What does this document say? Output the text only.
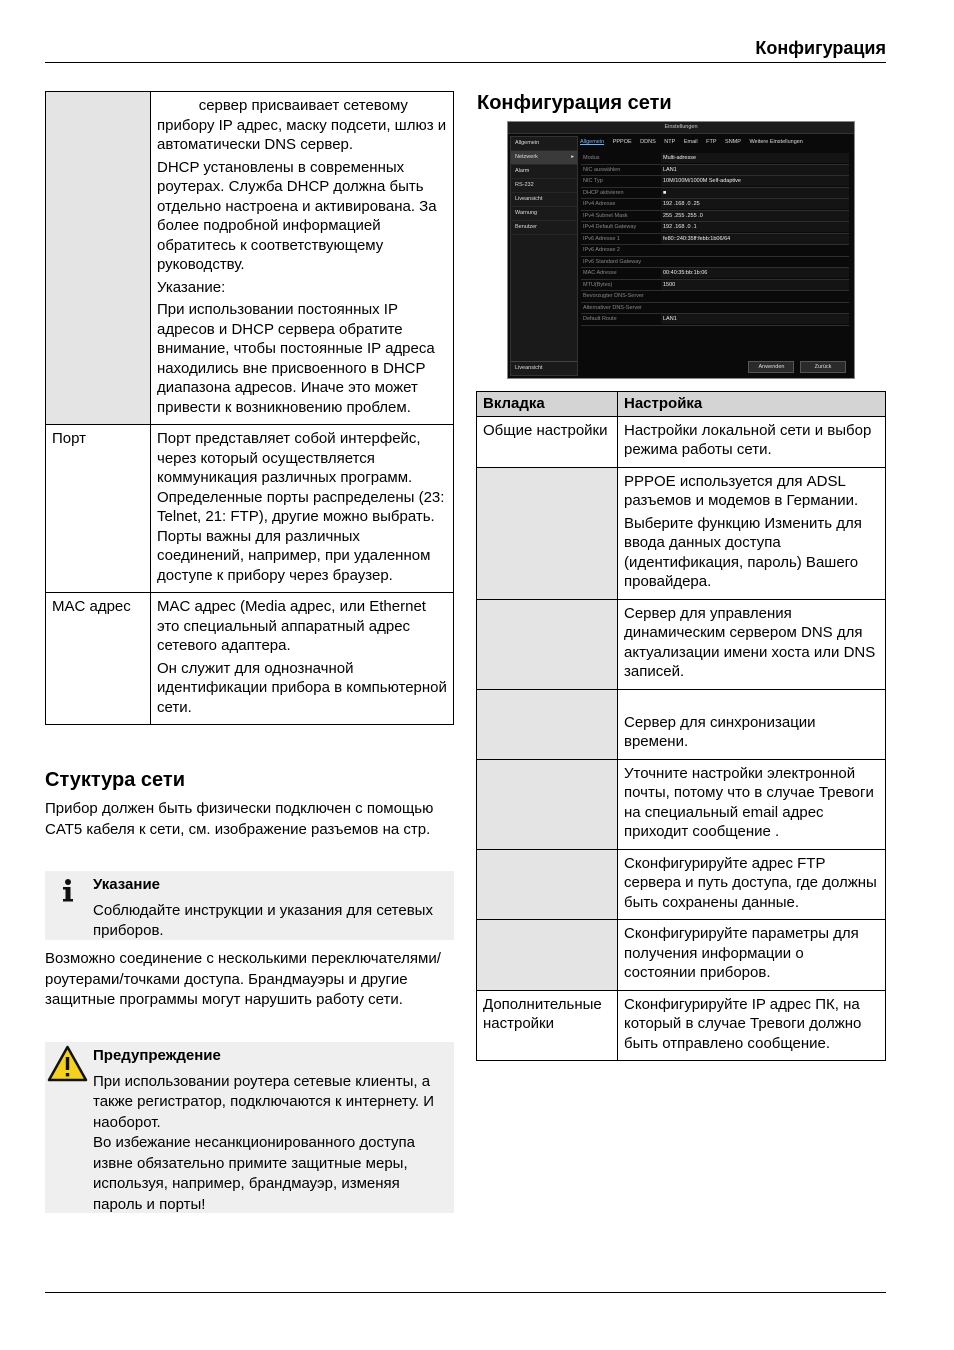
Конфигурация

	сервер присваивает сетевому прибору IP адрес, маску подсети, шлюз и автоматически DNS сервер.

DHCP установлены в современных роутерах. Служба DHCP должна быть отдельно настроена и активирована. За более подробной информацией обратитесь к соответствующему руководству.

Указание:

При использовании постоянных IP адресов и DHCP сервера обратите внимание, чтобы постоянные IP адреса находились вне присвоенного в DHCP диапазона адресов. Иначе это может привести к возникновению проблем.

Порт	Порт представляет собой интерфейс, через который осуществляется коммуникация различных программ. Определенные порты распределены (23: Telnet, 21: FTP), другие можно выбрать. Порты важны для различных соединений, например, при удаленном доступе к прибору через браузер.

MAC адрес	MAC адрес (Media адрес, или Ethernet          это специальный аппаратный адрес сетевого адаптера.

Он служит для однозначной идентификации прибора в компьютерной сети.

Стуктура сети
Прибор должен быть физически подключен с помощью CAT5 кабеля к сети, см. изображение разъемов на стр.
Указание
Соблюдайте инструкции и указания для сетевых приборов.
Возможно соединение с несколькими переключателями/роутерами/точками доступа. Брандмауэры и другие защитные программы могут нарушить работу сети.
Предупреждение
При использовании роутера сетевые клиенты, а также регистратор, подключаются к интернету. И наоборот.
Во избежание несанкционированного доступа извне обязательно примите защитные меры, используя, например, брандмауэр, изменяя пароль и порты!
Конфигурация сети
Einstellungen
Allgemein
Netzwerk	▸
Alarm
RS-232
Liveansicht
Warnung
Benutzer
Liveansicht
Allgemein PPPOE DDNS NTP Email FTP SNMP Weitere Einstellungen
Modus	Multi-adresse
NIC auswählen	LAN1
NIC Typ	10M/100M/1000M Self-adaptive
DHCP aktivieren	■
IPv4 Adresse	192 .168 .0 .25
IPv4 Subnet Mask	255 .255 .255 .0
IPv4 Default Gateway	192 .168 .0 .1
IPv6 Adresse 1	fe80::240:35ff:febb:1b06/64
IPv6 Adresse 2
IPv6 Standard Gateway
MAC Adresse	00:40:35:bb:1b:06
MTU(Bytes)	1500
Bevorzugter DNS-Server
Alternativer DNS-Server
Default Route	LAN1
Anwenden	Zurück
Вкладка	Настройка
Общие настройки	Настройки локальной сети и выбор режима работы сети.

	PPPOE используется для ADSL разъемов и модемов в Германии.

Выберите функцию Изменить для ввода данных доступа (идентификация, пароль) Вашего провайдера.

	Сервер для управления динамическим сервером DNS для актуализации имени хоста или DNS записей.

	Сервер для синхронизации времени.

	Уточните настройки электронной почты, потому что в случае Тревоги на специальный email адрес приходит сообщение .

	Сконфигурируйте адрес FTP сервера и путь доступа, где должны быть сохранены данные.

	Сконфигурируйте параметры для получения информации о состоянии приборов.

Дополнительные настройки	Сконфигурируйте IP адрес ПК, на который в случае Тревоги должно быть отправлено сообщение.
